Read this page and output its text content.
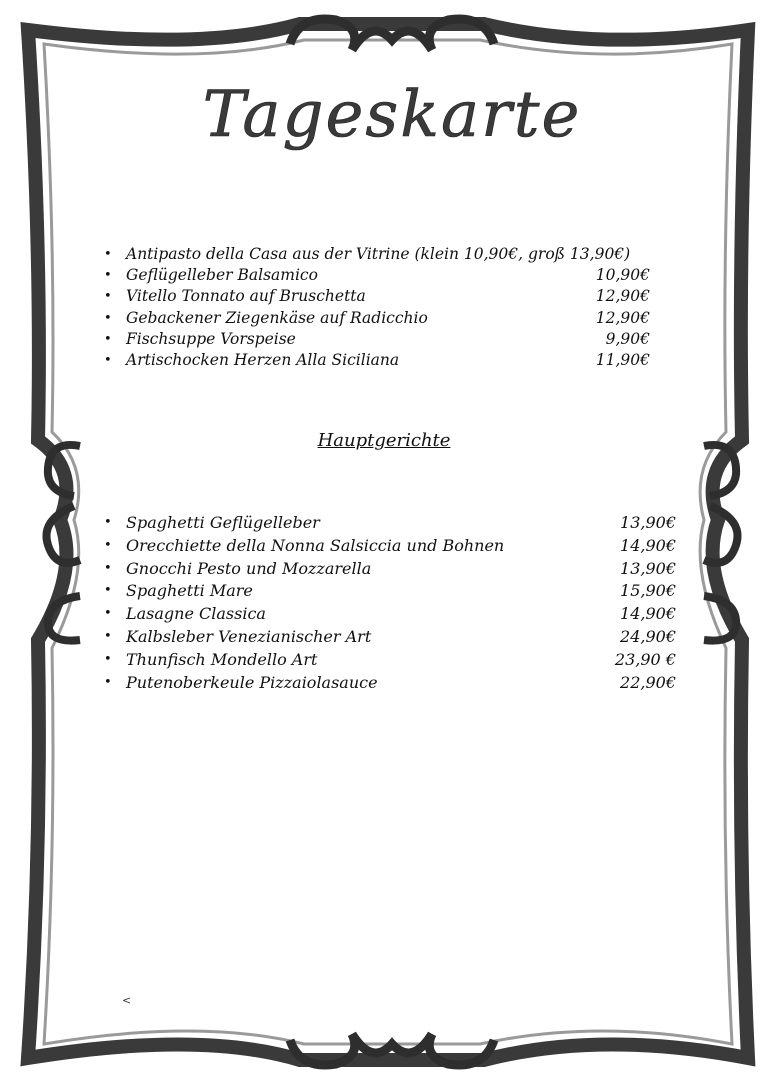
Tageskarte
• Antipasto della Casa aus der Vitrine (klein 10,90€, groß 13,90€)
• Geflügelleber Balsamico	10,90€
• Vitello Tonnato auf Bruschetta	12,90€
• Gebackener Ziegenkäse auf Radicchio	12,90€
• Fischsuppe Vorspeise	9,90€
• Artischocken Herzen Alla Siciliana	11,90€
Hauptgerichte
• Spaghetti Geflügelleber	13,90€
• Orecchiette della Nonna Salsiccia und Bohnen	14,90€
• Gnocchi Pesto und Mozzarella	13,90€
• Spaghetti Mare	15,90€
• Lasagne Classica	14,90€
• Kalbsleber Venezianischer Art	24,90€
• Thunfisch Mondello Art	23,90 €
• Putenoberkeule Pizzaiolasauce	22,90€
<
